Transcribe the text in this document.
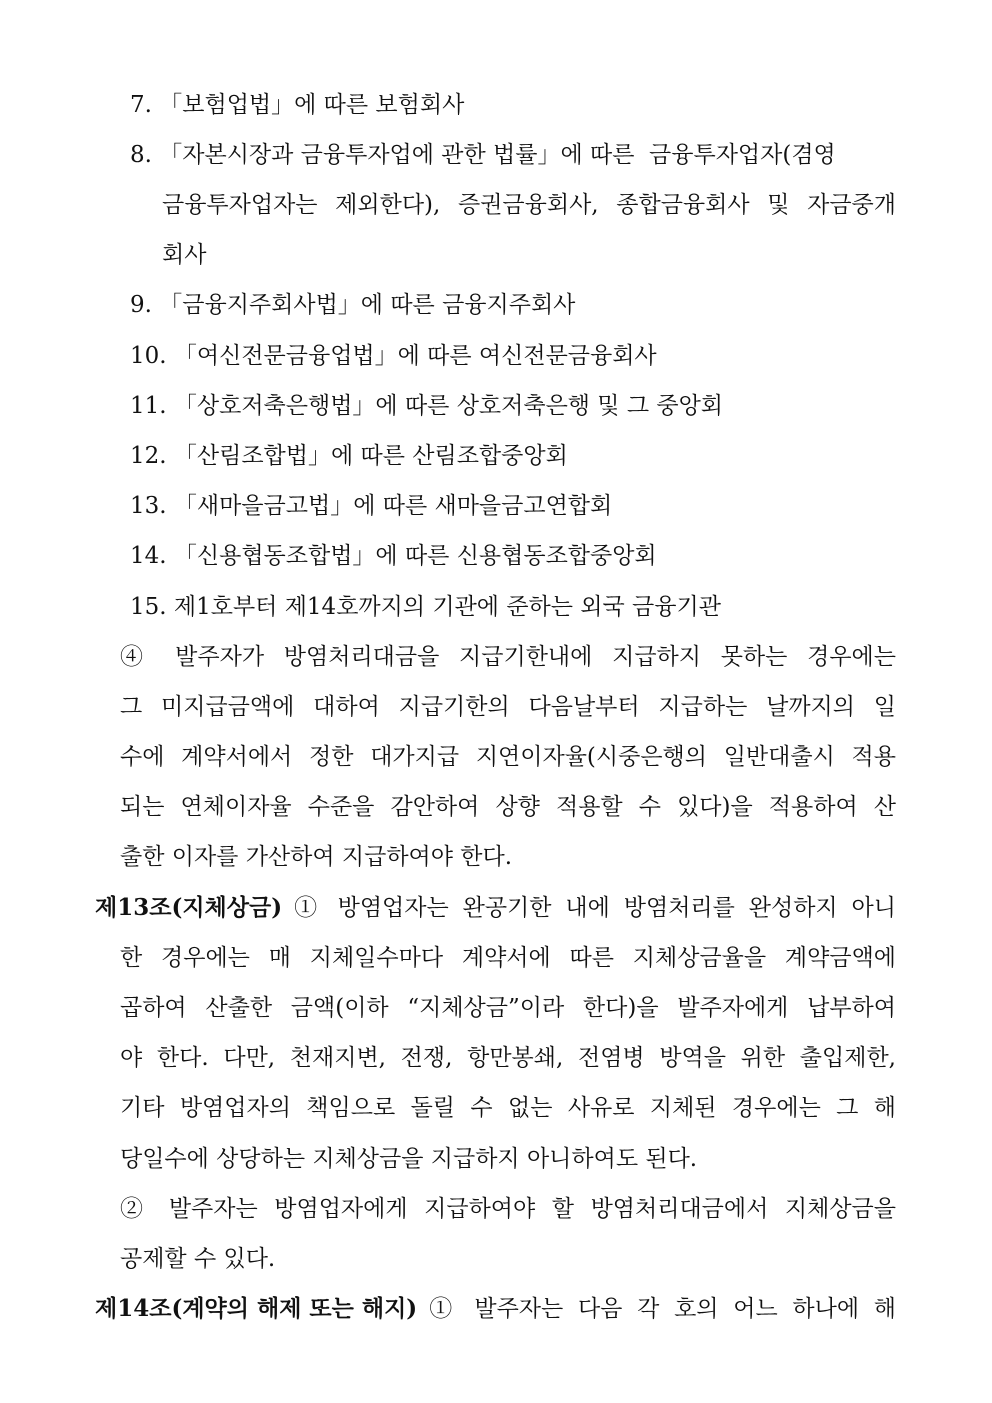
7. 「보험업법」에 따른 보험회사
8. 「자본시장과 금융투자업에 관한 법률」에 따른  금융투자업자(겸영
금융투자업자는 제외한다), 증권금융회사, 종합금융회사 및 자금중개
회사
9. 「금융지주회사법」에 따른 금융지주회사
10. 「여신전문금융업법」에 따른 여신전문금융회사
11. 「상호저축은행법」에 따른 상호저축은행 및 그 중앙회
12. 「산림조합법」에 따른 산림조합중앙회
13. 「새마을금고법」에 따른 새마을금고연합회
14. 「신용협동조합법」에 따른 신용협동조합중앙회
15. 제1호부터 제14호까지의 기관에 준하는 외국 금융기관
④ 발주자가 방염처리대금을 지급기한내에 지급하지 못하는 경우에는
그 미지급금액에 대하여 지급기한의 다음날부터 지급하는 날까지의 일
수에 계약서에서 정한 대가지급 지연이자율(시중은행의 일반대출시 적용
되는 연체이자율 수준을 감안하여 상향 적용할 수 있다)을 적용하여 산
출한 이자를 가산하여 지급하여야 한다.
제13조(지체상금) ① 방염업자는 완공기한 내에 방염처리를 완성하지 아니
한 경우에는 매 지체일수마다 계약서에 따른 지체상금율을 계약금액에
곱하여 산출한 금액(이하 “지체상금”이라 한다)을 발주자에게 납부하여
야 한다. 다만, 천재지변, 전쟁, 항만봉쇄, 전염병 방역을 위한 출입제한,
기타 방염업자의 책임으로 돌릴 수 없는 사유로 지체된 경우에는 그 해
당일수에 상당하는 지체상금을 지급하지 아니하여도 된다.
② 발주자는 방염업자에게 지급하여야 할 방염처리대금에서 지체상금을
공제할 수 있다.
제14조(계약의 해제 또는 해지) ① 발주자는 다음 각 호의 어느 하나에 해
